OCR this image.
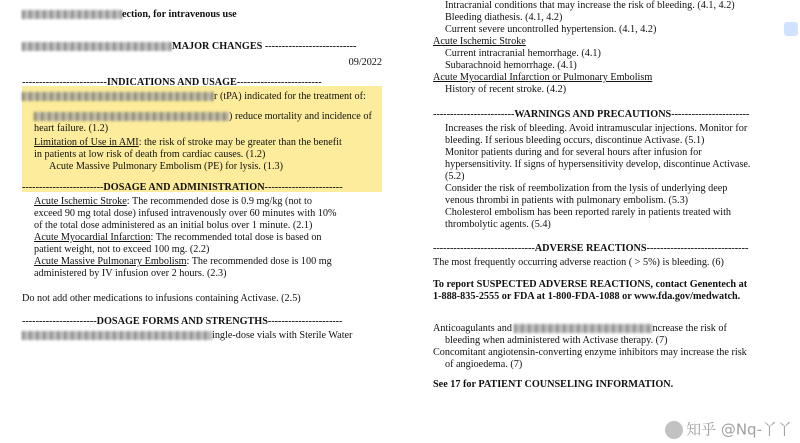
ection, for intravenous use
MAJOR CHANGES ---------------------------
09/2022
-------------------------INDICATIONS AND USAGE-------------------------
r (tPA) indicated for the treatment of:
) reduce mortality and incidence of
heart failure. (1.2)
Limitation of Use in AMI: the risk of stroke may be greater than the benefit
in patients at low risk of death from cardiac causes. (1.2)
Acute Massive Pulmonary Embolism (PE) for lysis. (1.3)
------------------------DOSAGE AND ADMINISTRATION-----------------------
Acute Ischemic Stroke: The recommended dose is 0.9 mg/kg (not to
exceed 90 mg total dose) infused intravenously over 60 minutes with 10%
of the total dose administered as an initial bolus over 1 minute. (2.1)
Acute Myocardial Infarction: The recommended total dose is based on
patient weight, not to exceed 100 mg. (2.2)
Acute Massive Pulmonary Embolism: The recommended dose is 100 mg
administered by IV infusion over 2 hours. (2.3)
Do not add other medications to infusions containing Activase. (2.5)
----------------------DOSAGE FORMS AND STRENGTHS----------------------
ingle-dose vials with Sterile Water
Intracranial conditions that may increase the risk of bleeding. (4.1, 4.2)
Bleeding diathesis. (4.1, 4.2)
Current severe uncontrolled hypertension. (4.1, 4.2)
Acute Ischemic Stroke
Current intracranial hemorrhage. (4.1)
Subarachnoid hemorrhage. (4.1)
Acute Myocardial Infarction or Pulmonary Embolism
History of recent stroke. (4.2)
------------------------WARNINGS AND PRECAUTIONS-----------------------
Increases the risk of bleeding. Avoid intramuscular injections. Monitor for
bleeding. If serious bleeding occurs, discontinue Activase. (5.1)
Monitor patients during and for several hours after infusion for
hypersensitivity. If signs of hypersensitivity develop, discontinue Activase.
(5.2)
Consider the risk of reembolization from the lysis of underlying deep
venous thrombi in patients with pulmonary embolism. (5.3)
Cholesterol embolism has been reported rarely in patients treated with
thrombolytic agents. (5.4)
------------------------------ADVERSE REACTIONS------------------------------
The most frequently occurring adverse reaction ( > 5%) is bleeding. (6)
To report SUSPECTED ADVERSE REACTIONS, contact Genentech at
1-888-835-2555 or FDA at 1-800-FDA-1088 or www.fda.gov/medwatch.
Anticoagulants and	ncrease the risk of
bleeding when administered with Activase therapy. (7)
Concomitant angiotensin-converting enzyme inhibitors may increase the risk
of angioedema. (7)
See 17 for PATIENT COUNSELING INFORMATION.
知乎 @Nq-丫丫
